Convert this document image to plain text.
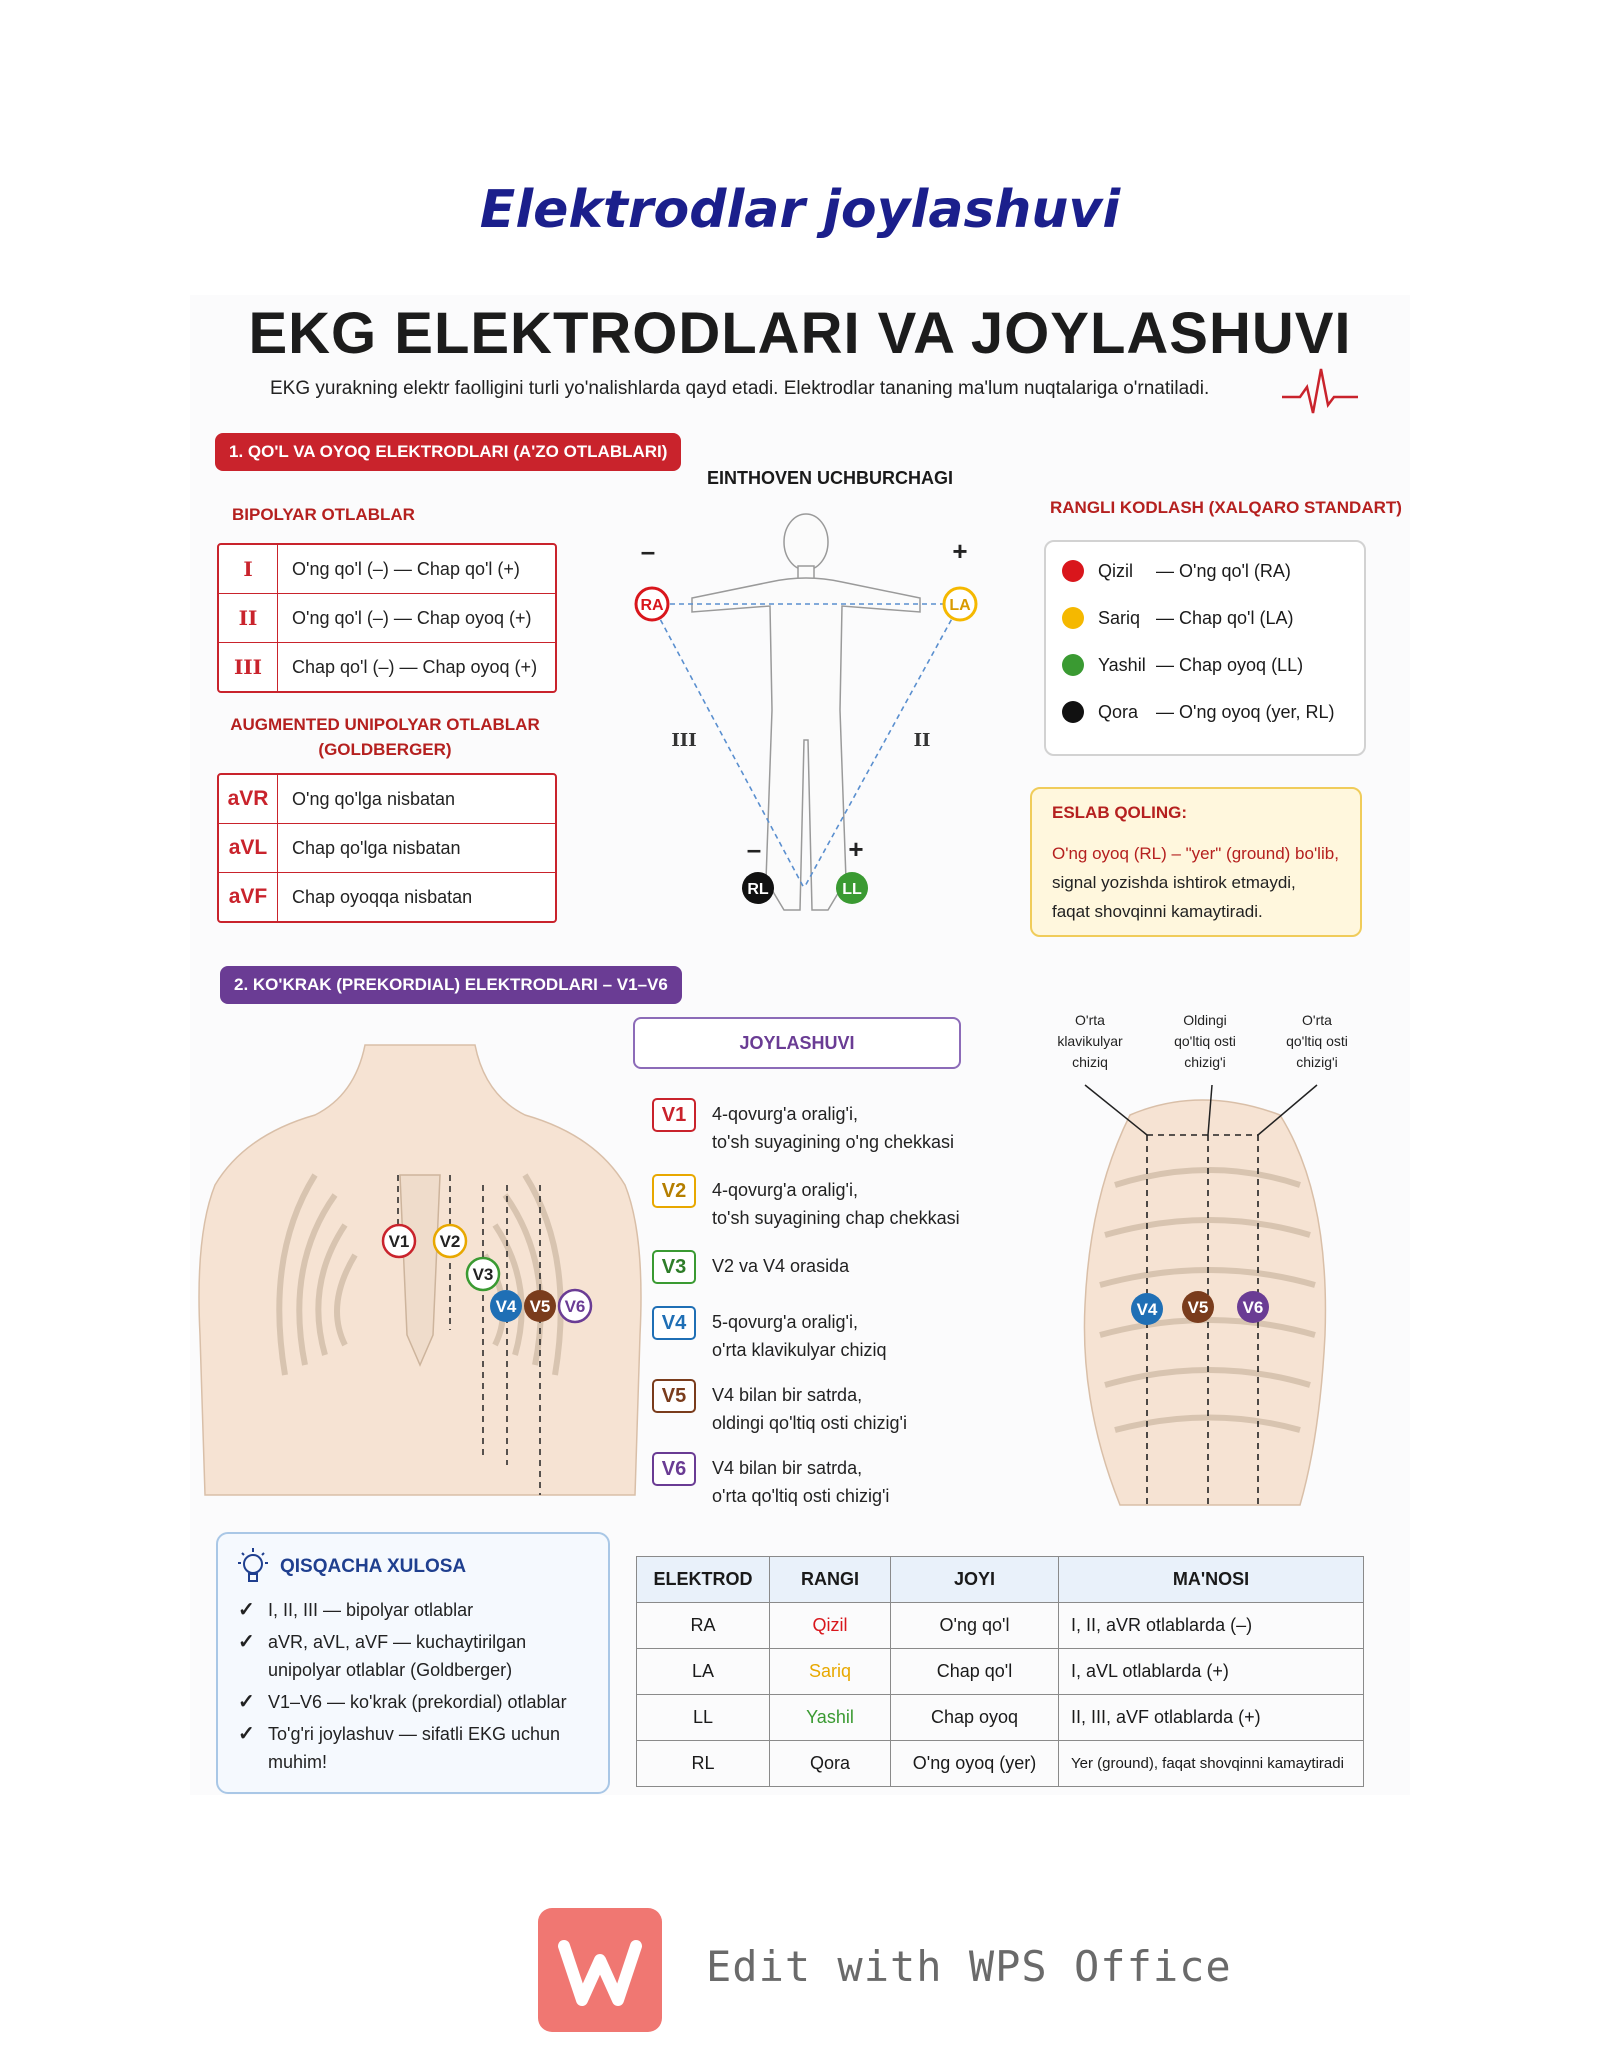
Elektrodlar joylashuvi
EKG ELEKTRODLARI VA JOYLASHUVI
EKG yurakning elektr faolligini turli yo'nalishlarda qayd etadi. Elektrodlar tananing ma'lum nuqtalariga o'rnatiladi.
1. QO'L VA OYOQ ELEKTRODLARI (A'ZO OTLABLARI)
BIPOLYAR OTLABLAR
I	O'ng qo'l (–) — Chap qo'l (+)
II	O'ng qo'l (–) — Chap oyoq (+)
III	Chap qo'l (–) — Chap oyoq (+)
AUGMENTED UNIPOLYAR OTLABLAR
(GOLDBERGER)
aVR	O'ng qo'lga nisbatan
aVL	Chap qo'lga nisbatan
aVF	Chap oyoqqa nisbatan
EINTHOVEN UCHBURCHAGI
RA	LA
RL	LL
–	+
–	+
III	II
RANGLI KODLASH (XALQARO STANDART)
Qizil	— O'ng qo'l (RA)
Sariq — Chap qo'l (LA)
Yashil — Chap oyoq (LL)
Qora — O'ng oyoq (yer, RL)
ESLAB QOLING:
O'ng oyoq (RL) – "yer" (ground) bo'lib,
signal yozishda ishtirok etmaydi,
faqat shovqinni kamaytiradi.
2. KO'KRAK (PREKORDIAL) ELEKTRODLARI – V1–V6
V1 V2
V3
V4 V5 V6
JOYLASHUVI
V1	4-qovurg'a oralig'i,
to'sh suyagining o'ng chekkasi
V2	4-qovurg'a oralig'i,
to'sh suyagining chap chekkasi
V3	V2 va V4 orasida
V4	5-qovurg'a oralig'i,
o'rta klavikulyar chiziq
V5	V4 bilan bir satrda,
oldingi qo'ltiq osti chizig'i
V6	V4 bilan bir satrda,
o'rta qo'ltiq osti chizig'i
O'rta
klavikulyar
chiziq
Oldingi
qo'ltiq osti
chizig'i
O'rta
qo'ltiq osti
chizig'i
V4 V5 V6
QISQACHA XULOSA
✓ I, II, III — bipolyar otlablar
✓ aVR, aVL, aVF — kuchaytirilgan
unipolyar otlablar (Goldberger)
✓ V1–V6 — ko'krak (prekordial) otlablar
✓ To'g'ri joylashuv — sifatli EKG uchun
muhim!
ELEKTROD	RANGI	JOYI	MA'NOSI
RA	Qizil	O'ng qo'l	I, II, aVR otlablarda (–)
LA	Sariq	Chap qo'l	I, aVL otlablarda (+)
LL	Yashil	Chap oyoq	II, III, aVF otlablarda (+)
RL	Qora	O'ng oyoq (yer)	Yer (ground), faqat shovqinni kamaytiradi
Edit with WPS Office
